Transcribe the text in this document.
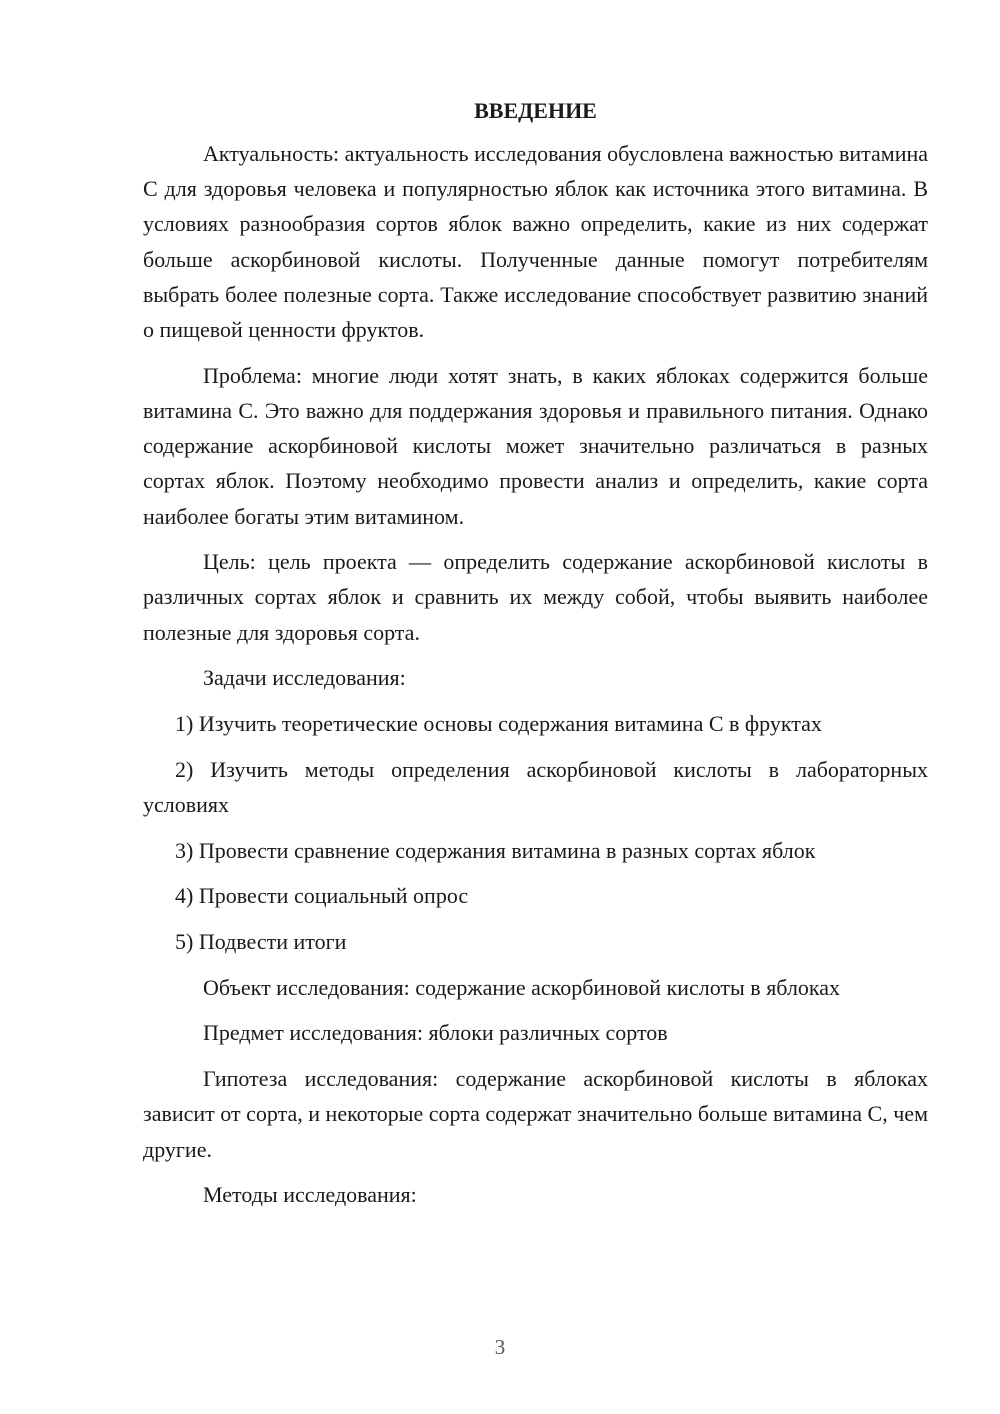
ВВЕДЕНИЕ

Актуальность: актуальность исследования обусловлена важностью витамина С для здоровья человека и популярностью яблок как источника этого витамина. В условиях разнообразия сортов яблок важно определить, какие из них содержат больше аскорбиновой кислоты. Полученные данные помогут потребителям выбрать более полезные сорта. Также исследование способствует развитию знаний о пищевой ценности фруктов.

Проблема: многие люди хотят знать, в каких яблоках содержится больше витамина С. Это важно для поддержания здоровья и правильного питания. Однако содержание аскорбиновой кислоты может значительно различаться в разных сортах яблок. Поэтому необходимо провести анализ и определить, какие сорта наиболее богаты этим витамином.

Цель: цель проекта — определить содержание аскорбиновой кислоты в различных сортах яблок и сравнить их между собой, чтобы выявить наиболее полезные для здоровья сорта.

Задачи исследования:

1) Изучить теоретические основы содержания витамина С в фруктах

2) Изучить методы определения аскорбиновой кислоты в лабораторных условиях

3) Провести сравнение содержания витамина в разных сортах яблок

4) Провести социальный опрос

5) Подвести итоги

Объект исследования: содержание аскорбиновой кислоты в яблоках

Предмет исследования: яблоки различных сортов

Гипотеза исследования: содержание аскорбиновой кислоты в яблоках зависит от сорта, и некоторые сорта содержат значительно больше витамина С, чем другие.

Методы исследования:

3
